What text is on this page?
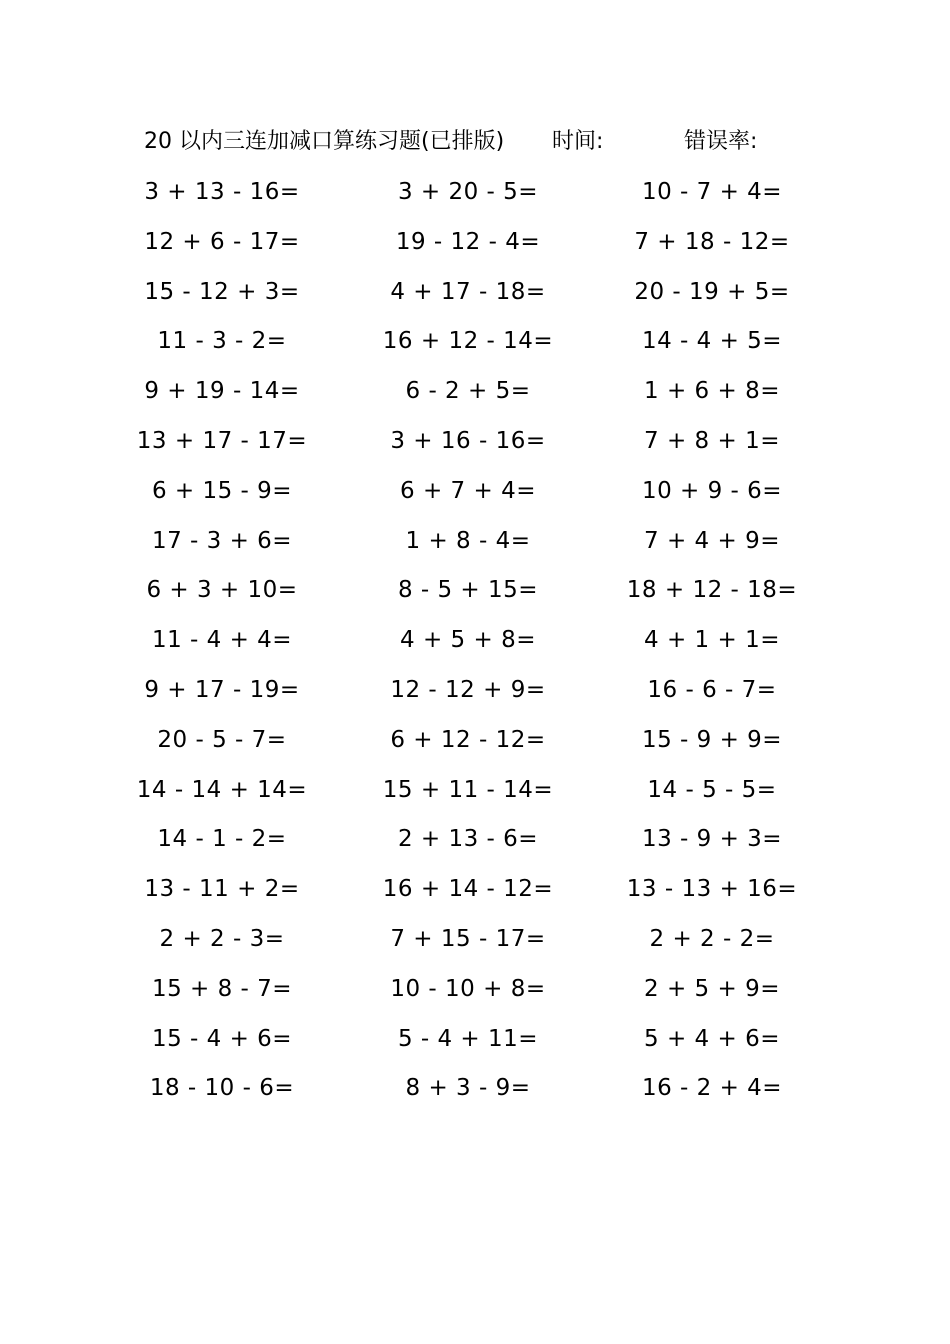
20 以内三连加减口算练习题(已排版) 时间:	错误率:
3 + 13 - 16=	3 + 20 - 5=	10 - 7 + 4=
12 + 6 - 17=	19 - 12 - 4=	7 + 18 - 12=
15 - 12 + 3=	4 + 17 - 18=	20 - 19 + 5=
11 - 3 - 2=	16 + 12 - 14=	14 - 4 + 5=
9 + 19 - 14=	6 - 2 + 5=	1 + 6 + 8=
13 + 17 - 17=	3 + 16 - 16=	7 + 8 + 1=
6 + 15 - 9=	6 + 7 + 4=	10 + 9 - 6=
17 - 3 + 6=	1 + 8 - 4=	7 + 4 + 9=
6 + 3 + 10=	8 - 5 + 15=	18 + 12 - 18=
11 - 4 + 4=	4 + 5 + 8=	4 + 1 + 1=
9 + 17 - 19=	12 - 12 + 9=	16 - 6 - 7=
20 - 5 - 7=	6 + 12 - 12=	15 - 9 + 9=
14 - 14 + 14=	15 + 11 - 14=	14 - 5 - 5=
14 - 1 - 2=	2 + 13 - 6=	13 - 9 + 3=
13 - 11 + 2=	16 + 14 - 12=	13 - 13 + 16=
2 + 2 - 3=	7 + 15 - 17=	2 + 2 - 2=
15 + 8 - 7=	10 - 10 + 8=	2 + 5 + 9=
15 - 4 + 6=	5 - 4 + 11=	5 + 4 + 6=
18 - 10 - 6=	8 + 3 - 9=	16 - 2 + 4=
